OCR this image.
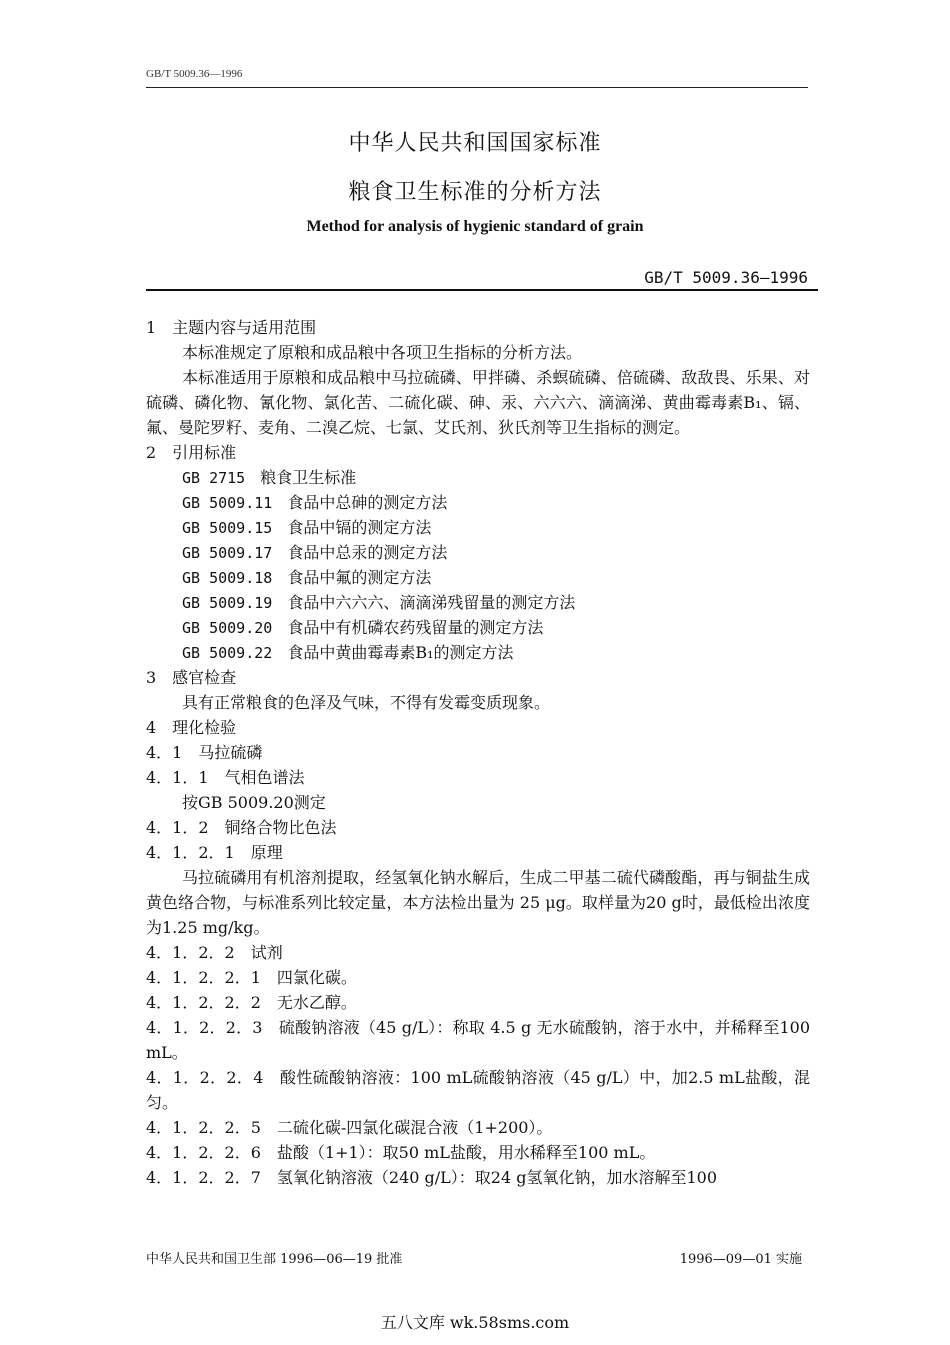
GB/T 5009.36—1996
中华人民共和国国家标准
粮食卫生标准的分析方法
Method for analysis of hygienic standard of grain
GB/T 5009.36—1996
1　主题内容与适用范围
本标准规定了原粮和成品粮中各项卫生指标的分析方法。
本标准适用于原粮和成品粮中马拉硫磷、甲拌磷、杀螟硫磷、倍硫磷、敌敌畏、乐果、对硫磷、磷化物、氰化物、氯化苦、二硫化碳、砷、汞、六六六、滴滴涕、黄曲霉毒素B₁、镉、氟、曼陀罗籽、麦角、二溴乙烷、七氯、艾氏剂、狄氏剂等卫生指标的测定。
2　引用标准
GB 2715　 粮食卫生标准
GB 5009.11　 食品中总砷的测定方法
GB 5009.15　 食品中镉的测定方法
GB 5009.17　 食品中总汞的测定方法
GB 5009.18　 食品中氟的测定方法
GB 5009.19　 食品中六六六、滴滴涕残留量的测定方法
GB 5009.20　 食品中有机磷农药残留量的测定方法
GB 5009.22　 食品中黄曲霉毒素B₁的测定方法
3　感官检查
具有正常粮食的色泽及气味，不得有发霉变质现象。
4　理化检验
4．1　马拉硫磷
4．1．1　气相色谱法
按GB 5009.20测定
4．1．2　铜络合物比色法
4．1．2．1　原理
马拉硫磷用有机溶剂提取，经氢氧化钠水解后，生成二甲基二硫代磷酸酯，再与铜盐生成黄色络合物，与标准系列比较定量，本方法检出量为 25 μg。取样量为20 g时，最低检出浓度为1.25 mg/kg。
4．1．2．2　试剂
4．1．2．2．1　四氯化碳。
4．1．2．2．2　无水乙醇。
4．1．2．2．3　硫酸钠溶液（45 g/L）：称取 4.5 g 无水硫酸钠，溶于水中，并稀释至100 mL。
4．1．2．2．4　酸性硫酸钠溶液：100 mL硫酸钠溶液（45 g/L）中，加2.5 mL盐酸，混匀。
4．1．2．2．5　二硫化碳-四氯化碳混合液（1+200）。
4．1．2．2．6　盐酸（1+1）：取50 mL盐酸，用水稀释至100 mL。
4．1．2．2．7　氢氧化钠溶液（240 g/L）：取24 g氢氧化钠，加水溶解至100
中华人民共和国卫生部 1996—06—19 批准	1996—09—01 实施
五八文库 wk.58sms.com
